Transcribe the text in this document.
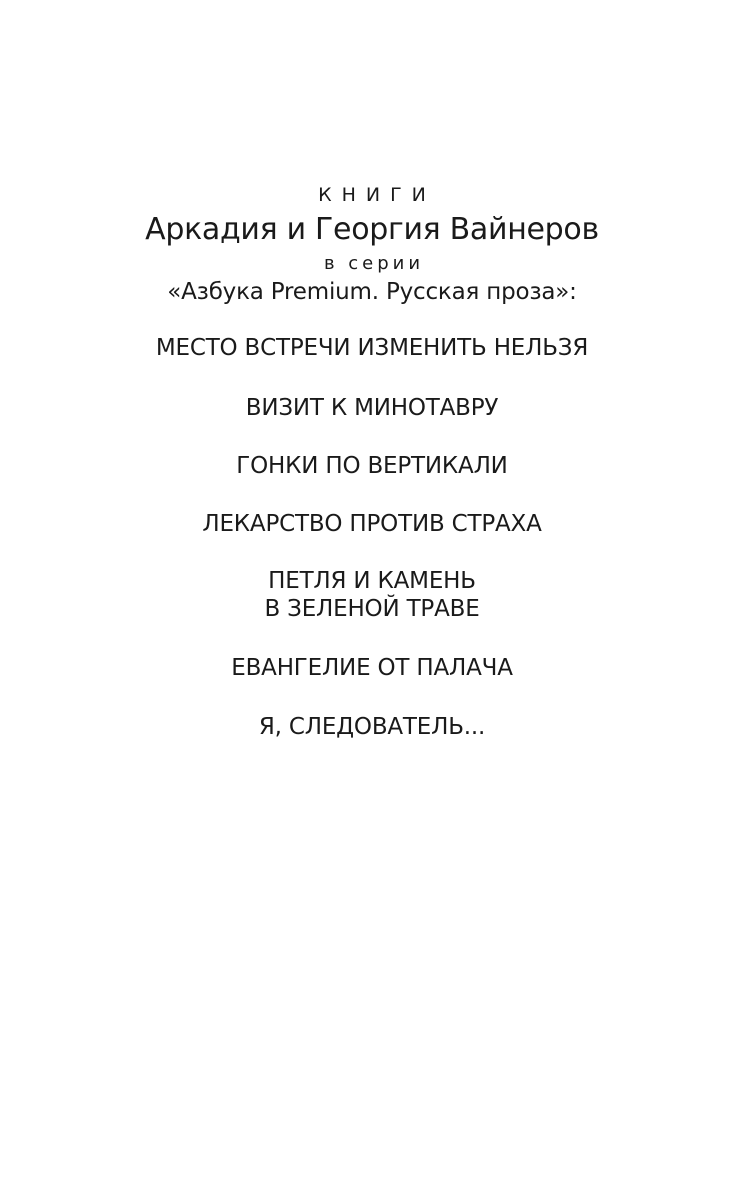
КНИГИ
Аркадия и Георгия Вайнеров
в серии
«Азбука Premium. Русская проза»:
МЕСТО ВСТРЕЧИ ИЗМЕНИТЬ НЕЛЬЗЯ
ВИЗИТ К МИНОТАВРУ
ГОНКИ ПО ВЕРТИКАЛИ
ЛЕКАРСТВО ПРОТИВ СТРАХА
ПЕТЛЯ И КАМЕНЬ
В ЗЕЛЕНОЙ ТРАВЕ
ЕВАНГЕЛИЕ ОТ ПАЛАЧА
Я, СЛЕДОВАТЕЛЬ...
